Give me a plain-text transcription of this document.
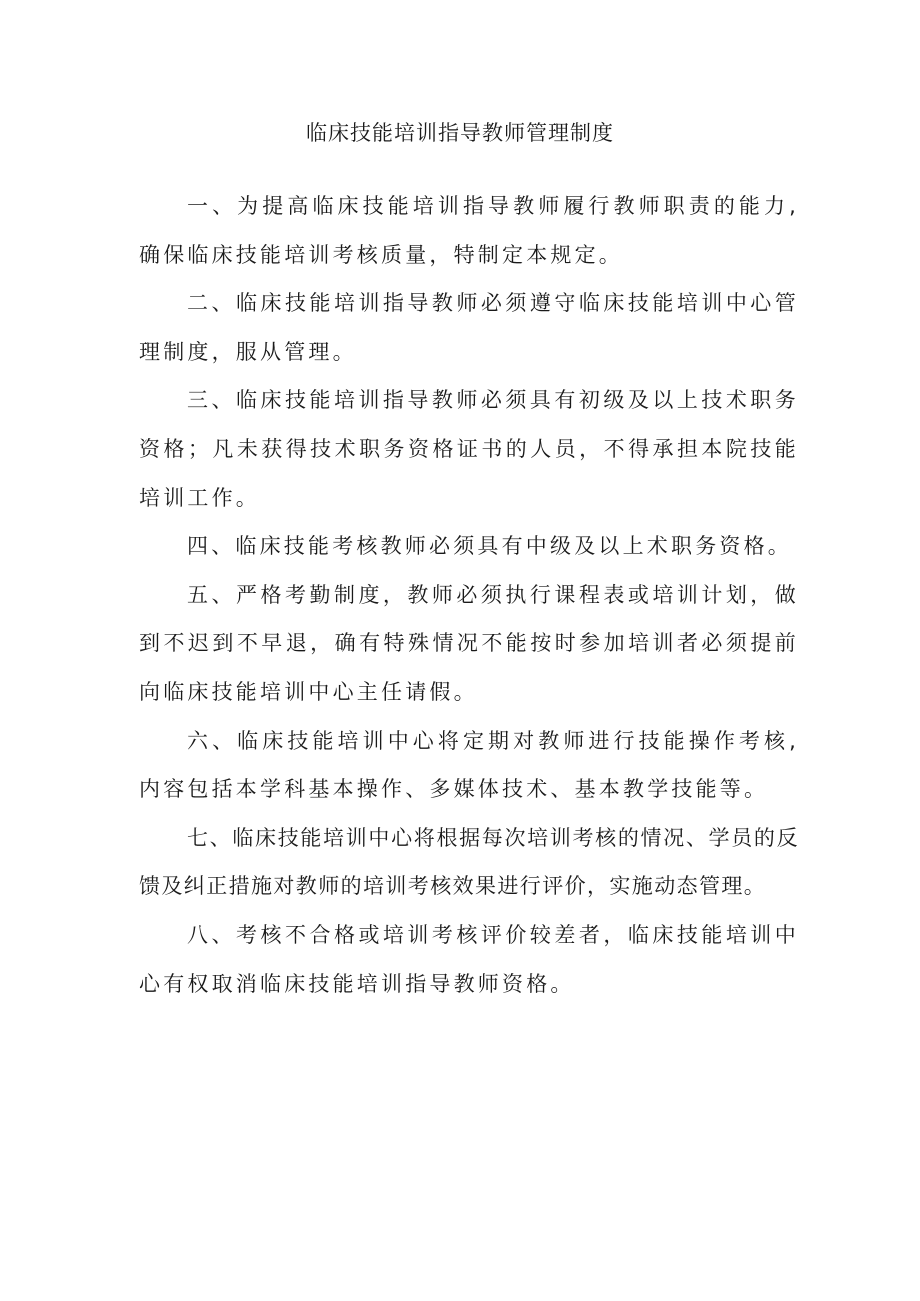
临床技能培训指导教师管理制度

一、为提高临床技能培训指导教师履行教师职责的能力,确保临床技能培训考核质量，特制定本规定。

二、临床技能培训指导教师必须遵守临床技能培训中心管理制度，服从管理。

三、临床技能培训指导教师必须具有初级及以上技术职务资格；凡未获得技术职务资格证书的人员，不得承担本院技能培训工作。

四、临床技能考核教师必须具有中级及以上术职务资格。

五、严格考勤制度，教师必须执行课程表或培训计划，做到不迟到不早退，确有特殊情况不能按时参加培训者必须提前向临床技能培训中心主任请假。

六、临床技能培训中心将定期对教师进行技能操作考核,内容包括本学科基本操作、多媒体技术、基本教学技能等。

七、临床技能培训中心将根据每次培训考核的情况、学员的反馈及纠正措施对教师的培训考核效果进行评价，实施动态管理。

八、考核不合格或培训考核评价较差者，临床技能培训中心有权取消临床技能培训指导教师资格。
